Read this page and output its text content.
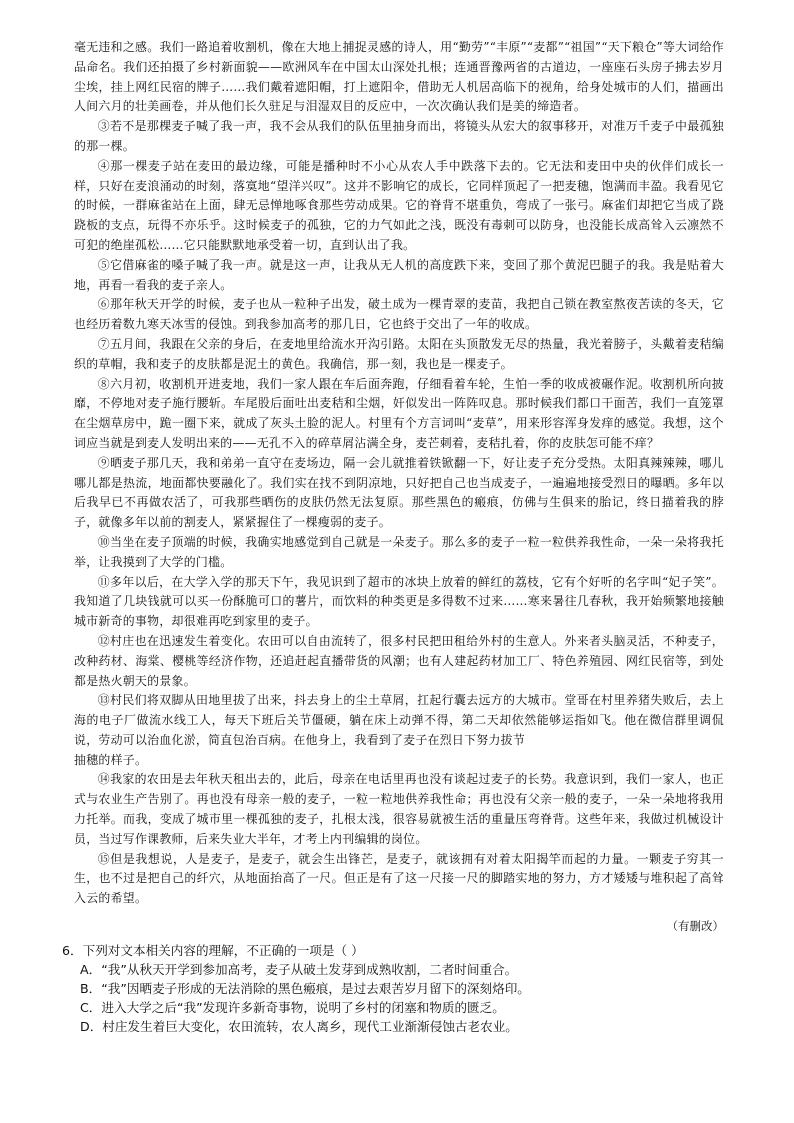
毫无违和之感。我们一路追着收割机，像在大地上捕捉灵感的诗人，用“勤劳”“丰原”“麦都”“祖国”“天下粮仓”等大词给作品命名。我们还拍摄了乡村新面貌——欧洲风车在中国太山深处扎根；连通晋豫两省的古道边，一座座石头房子拂去岁月尘埃，挂上网红民宿的牌子……我们戴着遮阳帽，打上遮阳伞，借助无人机居高临下的视角，给身处城市的人们，描画出人间六月的壮美画卷，并从他们长久驻足与泪湿双目的反应中，一次次确认我们是美的缔造者。

③若不是那棵麦子喊了我一声，我不会从我们的队伍里抽身而出，将镜头从宏大的叙事移开，对准万千麦子中最孤独的那一棵。

④那一棵麦子站在麦田的最边缘，可能是播种时不小心从农人手中跌落下去的。它无法和麦田中央的伙伴们成长一样，只好在麦浪涌动的时刻，落寞地“望洋兴叹”。这并不影响它的成长，它同样顶起了一把麦穗，饱满而丰盈。我看见它的时候，一群麻雀站在上面，肆无忌惮地啄食那些劳动成果。它的脊背不堪重负，弯成了一张弓。麻雀们却把它当成了跷跷板的支点，玩得不亦乐乎。这时候麦子的孤独，它的力气如此之浅，既没有毒刺可以防身，也没能长成高耸入云凛然不可犯的绝崖孤松……它只能默默地承受着一切，直到认出了我。

⑤它借麻雀的嗓子喊了我一声。就是这一声，让我从无人机的高度跌下来，变回了那个黄泥巴腿子的我。我是贴着大地，再看一看我的麦子亲人。

⑥那年秋天开学的时候，麦子也从一粒种子出发，破土成为一棵青翠的麦苗，我把自己锁在教室熬夜苦读的冬天，它也经历着数九寒天冰雪的侵蚀。到我参加高考的那几日，它也終于交出了一年的收成。

⑦五月间，我跟在父亲的身后，在麦地里给流水开沟引路。太阳在头顶散发无尽的热量，我光着膀子，头戴着麦秸编织的草帽，我和麦子的皮肤都是泥土的黄色。我确信，那一刻，我也是一棵麦子。

⑧六月初，收割机开进麦地，我们一家人跟在车后面奔跑，仔细看着车轮，生怕一季的收成被碾作泥。收割机所向披靡，不停地对麦子施行腰斩。车尾股后面吐出麦秸和尘烟，奸似发出一阵阵叹息。那时候我们都口干面苦，我们一直笼罩在尘烟草房中，跪一圈下来，就成了灰头土脸的泥人。村里有个方言词叫“麦草”，用来形容浑身发痒的感觉。我想，这个词应当就是到麦人发明出来的——无孔不入的碎草屑沾满全身，麦芒刺着，麦秸扎着，你的皮肤怎可能不痒？

⑨晒麦子那几天，我和弟弟一直守在麦场边，隔一会儿就推着铁锨翻一下，好让麦子充分受热。太阳真辣辣辣，哪儿哪儿都是热流，地面都快要融化了。我们实在找不到阴凉地，只好把自己也当成麦子，一遍遍地接受烈日的曝晒。多年以后我早已不再做农活了，可我那些晒伤的皮肤仍然无法复原。那些黑色的瘢痕，仿佛与生俱来的胎记，终日描着我的脖子，就像多年以前的割麦人，紧紧握住了一棵瘦弱的麦子。

⑩当坐在麦子顶端的时候，我确实地感觉到自己就是一朵麦子。那么多的麦子一粒一粒供养我性命，一朵一朵将我托举，让我摸到了大学的门槛。

⑪多年以后，在大学入学的那天下午，我见识到了超市的冰块上放着的鲜红的荔枝，它有个好听的名字叫“妃子笑”。我知道了几块钱就可以买一份酥脆可口的薯片，而饮料的种类更是多得数不过来……寒来暑往几春秋，我开始频繁地接触城市新奇的事物，却很难再吃到家里的麦子。

⑫村庄也在迅速发生着变化。农田可以自由流转了，很多村民把田租给外村的生意人。外来者头脑灵活，不种麦子，改种药材、海棠、樱桃等经济作物，还追赶起直播带货的风潮；也有人建起药材加工厂、特色养殖园、网红民宿等，到处都是热火朝天的景象。

⑬村民们将双脚从田地里拔了出来，抖去身上的尘土草屑，扛起行囊去远方的大城市。堂哥在村里养猪失败后，去上海的电子厂做流水线工人，每天下班后关节僵硬，躺在床上动弹不得，第二天却依然能够运指如飞。他在微信群里调侃说，劳动可以治血化淤，简直包治百病。在他身上，我看到了麦子在烈日下努力拔节

抽穗的样子。

⑭我家的农田是去年秋天租出去的，此后，母亲在电话里再也没有谈起过麦子的长势。我意识到，我们一家人，也正式与农业生产告别了。再也没有母亲一般的麦子，一粒一粒地供养我性命；再也没有父亲一般的麦子，一朵一朵地将我用力托举。而我，变成了城市里一棵孤独的麦子，扎根太浅，很容易就被生活的重量压弯脊背。这些年来，我做过机械设计员，当过写作课教师，后来失业大半年，才考上内刊编辑的岗位。

⑮但是我想说，人是麦子，是麦子，就会生出锋芒，是麦子，就该拥有对着太阳揭竿而起的力量。一颗麦子穷其一生，也不过是把自己的纤穴，从地面抬高了一尺。但正是有了这一尺接一尺的脚踏实地的努力，方才矮矮与堆积起了高耸入云的希望。

（有删改）
6．下列对文本相关内容的理解，不正确的一项是（ ）
A．“我”从秋天开学到参加高考，麦子从破土发芽到成熟收割，二者时间重合。
B．“我”因晒麦子形成的无法消除的黑色瘢痕，是过去艰苦岁月留下的深刻烙印。
C．进入大学之后“我”发现许多新奇事物，说明了乡村的闭塞和物质的匮乏。
D．村庄发生着巨大变化，农田流转，农人离乡，现代工业渐渐侵蚀古老农业。
